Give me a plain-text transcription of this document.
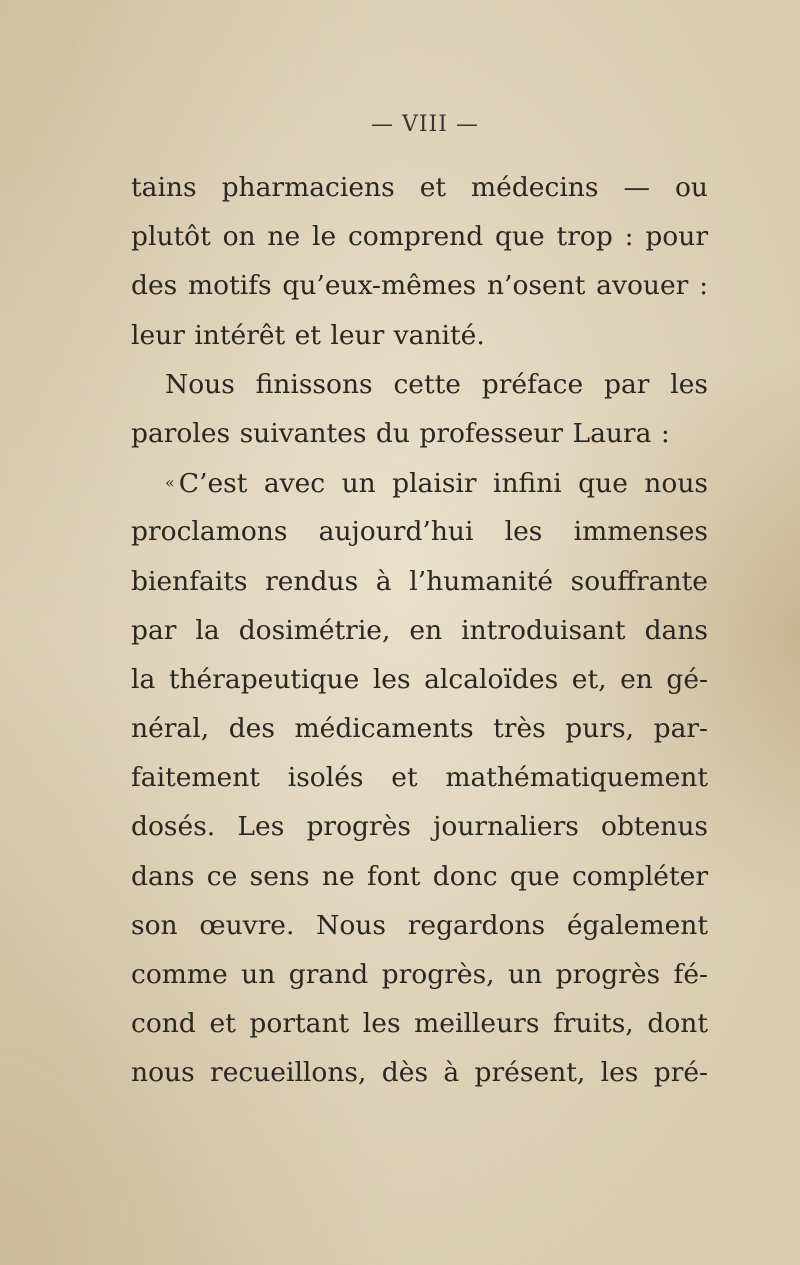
— VIII —
tains pharmaciens et médecins — ou
plutôt on ne le comprend que trop : pour
des motifs qu’eux-mêmes n’osent avouer :
leur intérêt et leur vanité.
Nous finissons cette préface par les
paroles suivantes du professeur Laura :
« C’est avec un plaisir infini que nous
proclamons aujourd’hui les immenses
bienfaits rendus à l’humanité souffrante
par la dosimétrie, en introduisant dans
la thérapeutique les alcaloïdes et, en gé-
néral, des médicaments très purs, par-
faitement isolés et mathématiquement
dosés. Les progrès journaliers obtenus
dans ce sens ne font donc que compléter
son œuvre. Nous regardons également
comme un grand progrès, un progrès fé-
cond et portant les meilleurs fruits, dont
nous recueillons, dès à présent, les pré-
